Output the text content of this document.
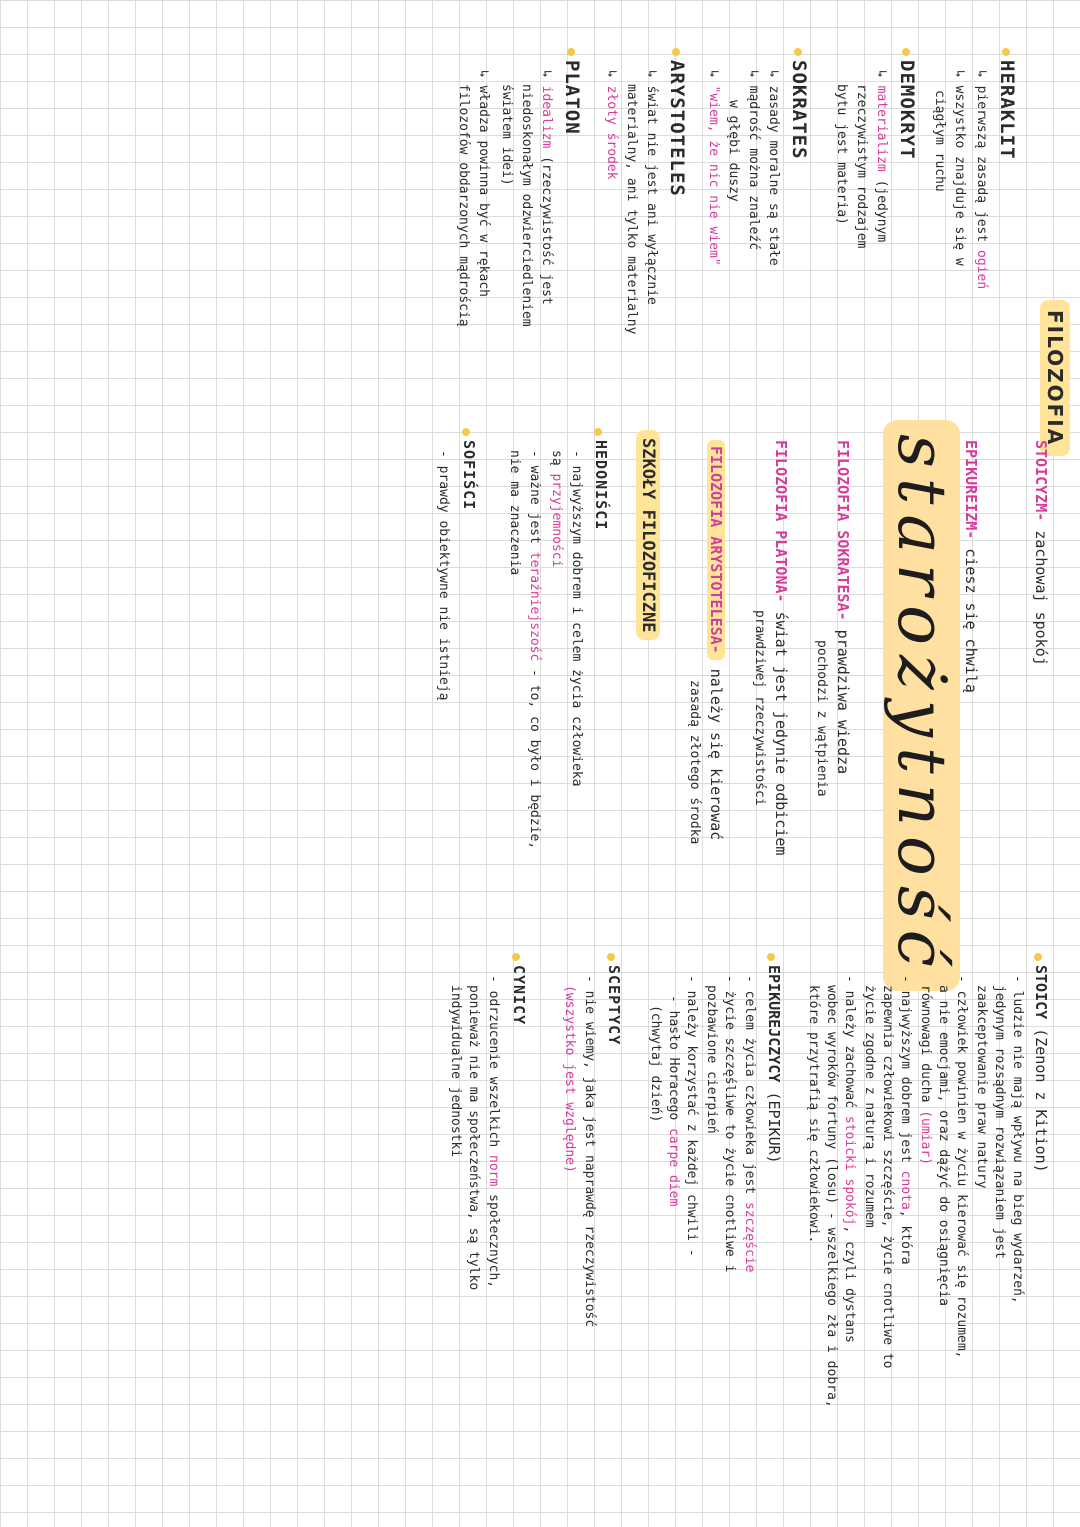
FILOZOFIA
HERAKLIT
↳ pierwszą zasadą jest ogień
↳ wszystko znajduje się w
ciągłym ruchu
DEMOKRYT
↳ materializm (jedynym
rzeczywistym rodzajem
bytu jest materia)
SOKRATES
↳ zasady moralne są stałe
↳ mądrość można znaleźć
w głębi duszy
↳ "wiem, że nic nie wiem"
ARYSTOTELES
↳ świat nie jest ani wyłącznie
materialny, ani tylko materialny
↳ złoty środek
PLATON
↳ idealizm (rzeczywistość jest
niedoskonałym odzwierciedleniem
światem idei)
↳ władza powinna być w rękach
filozofów obdarzonych mądrością
STOICYZM- zachowaj spokój
EPIKUREIZM- ciesz się chwilą
starożytność
FILOZOFIA SOKRATESA- prawdziwa wiedza
pochodzi z wątpienia
FILOZOFIA PLATONA- świat jest jedynie odbiciem
prawdziwej rzeczywistości
FILOZOFIA ARYSTOTELESA- należy się kierować
zasadą złotego środka
SZKOŁY FILOZOFICZNE
HEDONIŚCI
- najwyższym dobrem i celem życia człowieka
są przyjemności
- ważne jest teraźniejszość - to, co było i będzie,
nie ma znaczenia
SOFIŚCI
- prawdy obiektywne nie istnieją
STOICY (Zenon z Kition)
- ludzie nie mają wpływu na bieg wydarzeń,
jedynym rozsądnym rozwiązaniem jest
zaakceptowanie praw natury
- człowiek powinien w życiu kierować się rozumem,
a nie emocjami, oraz dążyć do osiągnięcia
równowagi ducha (umiar)
- najwyższym dobrem jest cnota, która
zapewnia człowiekowi szczęście, życie cnotliwe to
życie zgodne z naturą i rozumem
- należy zachować stoicki spokój, czyli dystans
wobec wyroków fortuny (losu) - wszelkiego zła i dobra,
które przytrafią się człowiekowi.
EPIKUREJCZYCY (EPIKUR)
- celem życia człowieka jest szczęście
- życie szczęśliwe to życie cnotliwe i
pozbawione cierpień
- należy korzystać z każdej chwili -
- hasło Horacego carpe diem
(chwytaj dzień)
SCEPTYCY
- nie wiemy, jaka jest naprawdę rzeczywistość
(wszystko jest względne)
CYNICY
- odrzucenie wszelkich norm społecznych,
ponieważ nie ma społeczeństwa, są tylko
indywidualne jednostki
